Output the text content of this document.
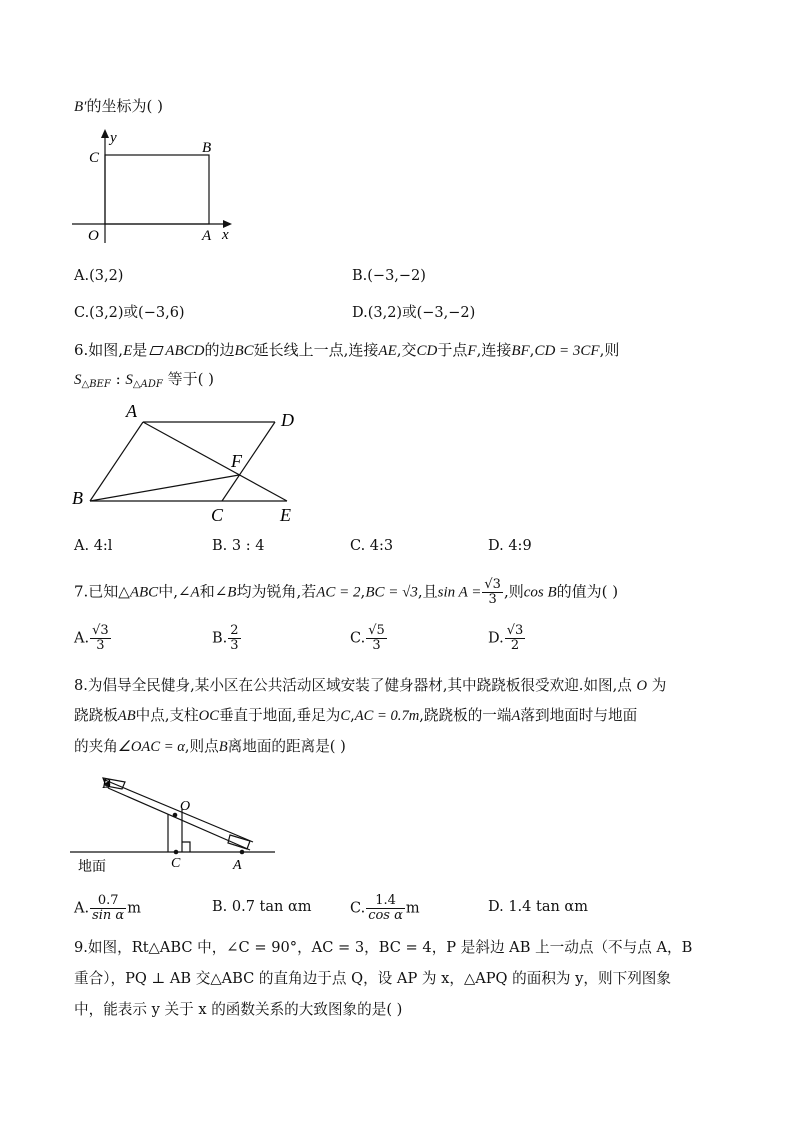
B′的坐标为( )
y
C
B
O	A x
A.(3,2)	B.(−3,−2)
C.(3,2)或(−3,6)	D.(3,2)或(−3,−2)
6.如图,E是 ABCD的边BC延长线上一点,连接AE,交CD于点F,连接BF,CD = 3CF,则
$S_{\triangle BEF}$ : $S_{\triangle ADF}$ 等于( )
A	D
F
B
C	E
A. 4:l	B. 3 : 4	C. 4:3	D. 4:9
7.已知△ABC中,∠A和∠B均为锐角,若AC = 2,BC = √3,且$\sin A = \frac{√3}{3}$ ,则cos B的值为( )
A. $\frac{√3}{3}$	B. $\frac{2}{3}$	C. $\frac{√5}{3}$	D. $\frac{√3}{2}$
8.为倡导全民健身,某小区在公共活动区域安装了健身器材,其中跷跷板很受欢迎.如图,点 O 为
跷跷板AB中点,支柱OC垂直于地面,垂足为C,AC = 0.7m,跷跷板的一端A落到地面时与地面
的夹角∠OAC = α,则点B离地面的距离是( )
B
O
C	A
地面
A. $\frac{0.7}{\text{sin α}}$ m	B. 0.7 tan αm	C. $\frac{1.4}{\text{cos α}}$ m	D. 1.4 tan αm
9.如图，Rt△ABC 中，∠C = 90°，AC = 3，BC = 4，P 是斜边 AB 上一动点（不与点 A，B
重合），PQ ⊥ AB 交△ABC 的直角边于点 Q，设 AP 为 x，△APQ 的面积为 y，则下列图象
中，能表示 y 关于 x 的函数关系的大致图象的是( )
